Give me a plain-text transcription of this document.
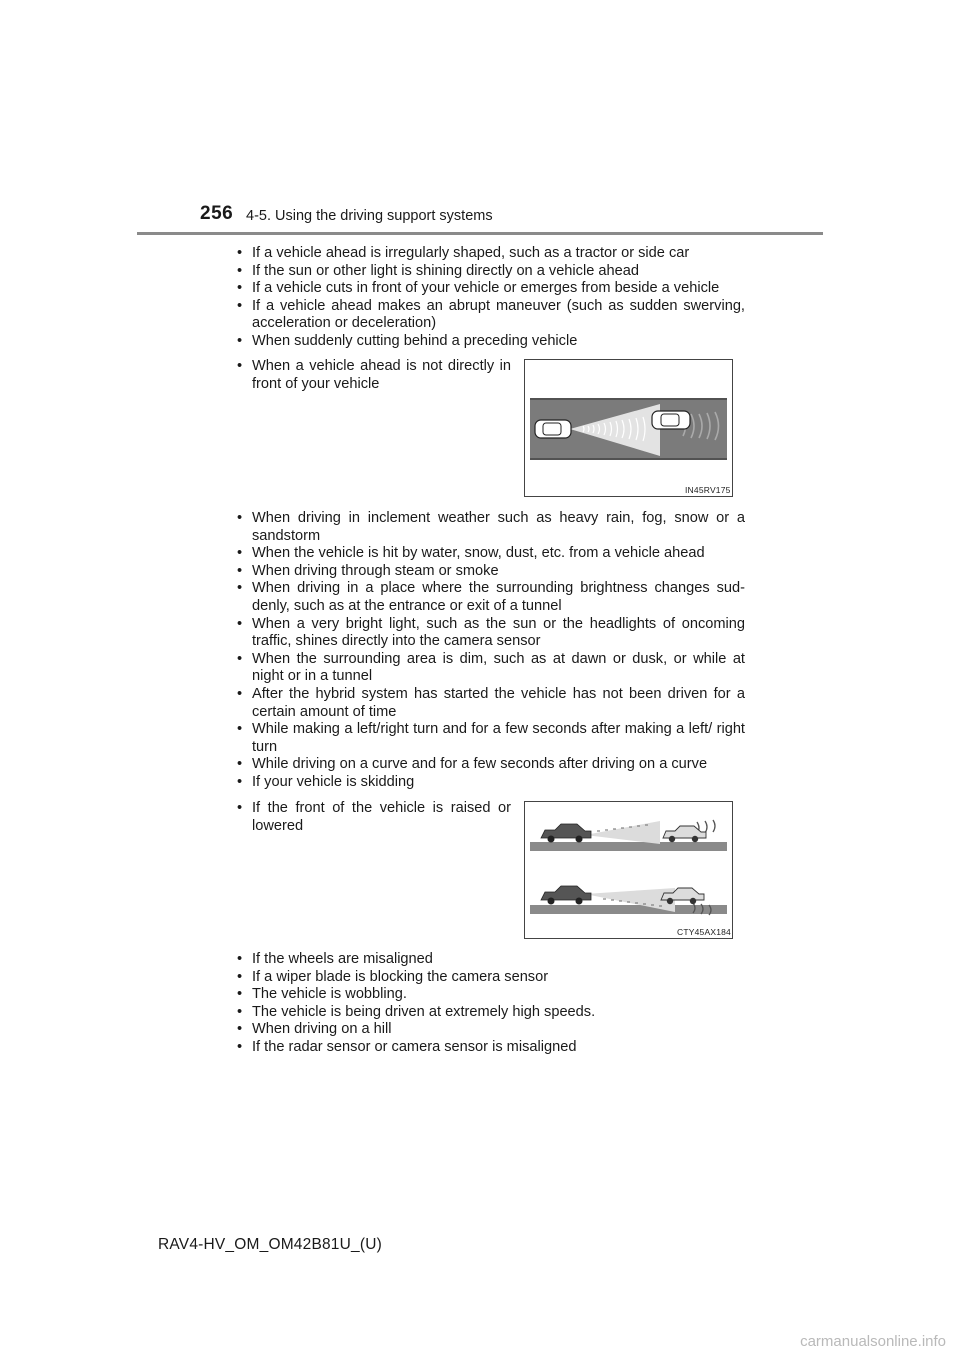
256 4-5. Using the driving support systems
• If a vehicle ahead is irregularly shaped, such as a tractor or side car
• If the sun or other light is shining directly on a vehicle ahead
• If a vehicle cuts in front of your vehicle or emerges from beside a vehicle
• If a vehicle ahead makes an abrupt maneuver (such as sudden swerving, acceleration or deceleration)
• When suddenly cutting behind a preceding vehicle
• When a vehicle ahead is not directly in front of your vehicle
IN45RV175
• When driving in inclement weather such as heavy rain, fog, snow or a sandstorm
• When the vehicle is hit by water, snow, dust, etc. from a vehicle ahead
• When driving through steam or smoke
• When driving in a place where the surrounding brightness changes sud-denly, such as at the entrance or exit of a tunnel
• When a very bright light, such as the sun or the headlights of oncoming traffic, shines directly into the camera sensor
• When the surrounding area is dim, such as at dawn or dusk, or while at night or in a tunnel
• After the hybrid system has started the vehicle has not been driven for a certain amount of time
• While making a left/right turn and for a few seconds after making a left/ right turn
• While driving on a curve and for a few seconds after driving on a curve
• If your vehicle is skidding
• If the front of the vehicle is raised or lowered
CTY45AX184
• If the wheels are misaligned
• If a wiper blade is blocking the camera sensor
• The vehicle is wobbling.
• The vehicle is being driven at extremely high speeds.
• When driving on a hill
• If the radar sensor or camera sensor is misaligned
RAV4-HV_OM_OM42B81U_(U)
carmanualsonline.info
